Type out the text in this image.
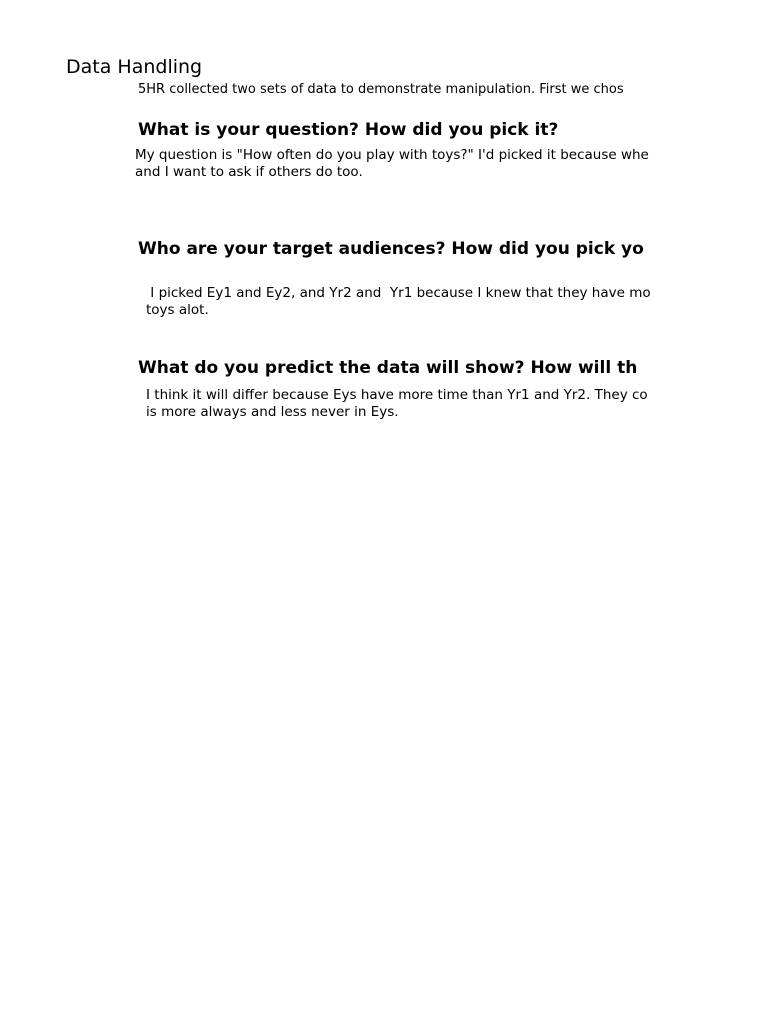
Data Handling
5HR collected two sets of data to demonstrate manipulation. First we chos
What is your question? How did you pick it?
My question is "How often do you play with toys?" I'd picked it because whe
and I want to ask if others do too.
Who are your target audiences? How did you pick yo
I picked Ey1 and Ey2, and Yr2 and  Yr1 because I knew that they have mo
toys alot.
What do you predict the data will show? How will th
I think it will differ because Eys have more time than Yr1 and Yr2. They co
is more always and less never in Eys.
